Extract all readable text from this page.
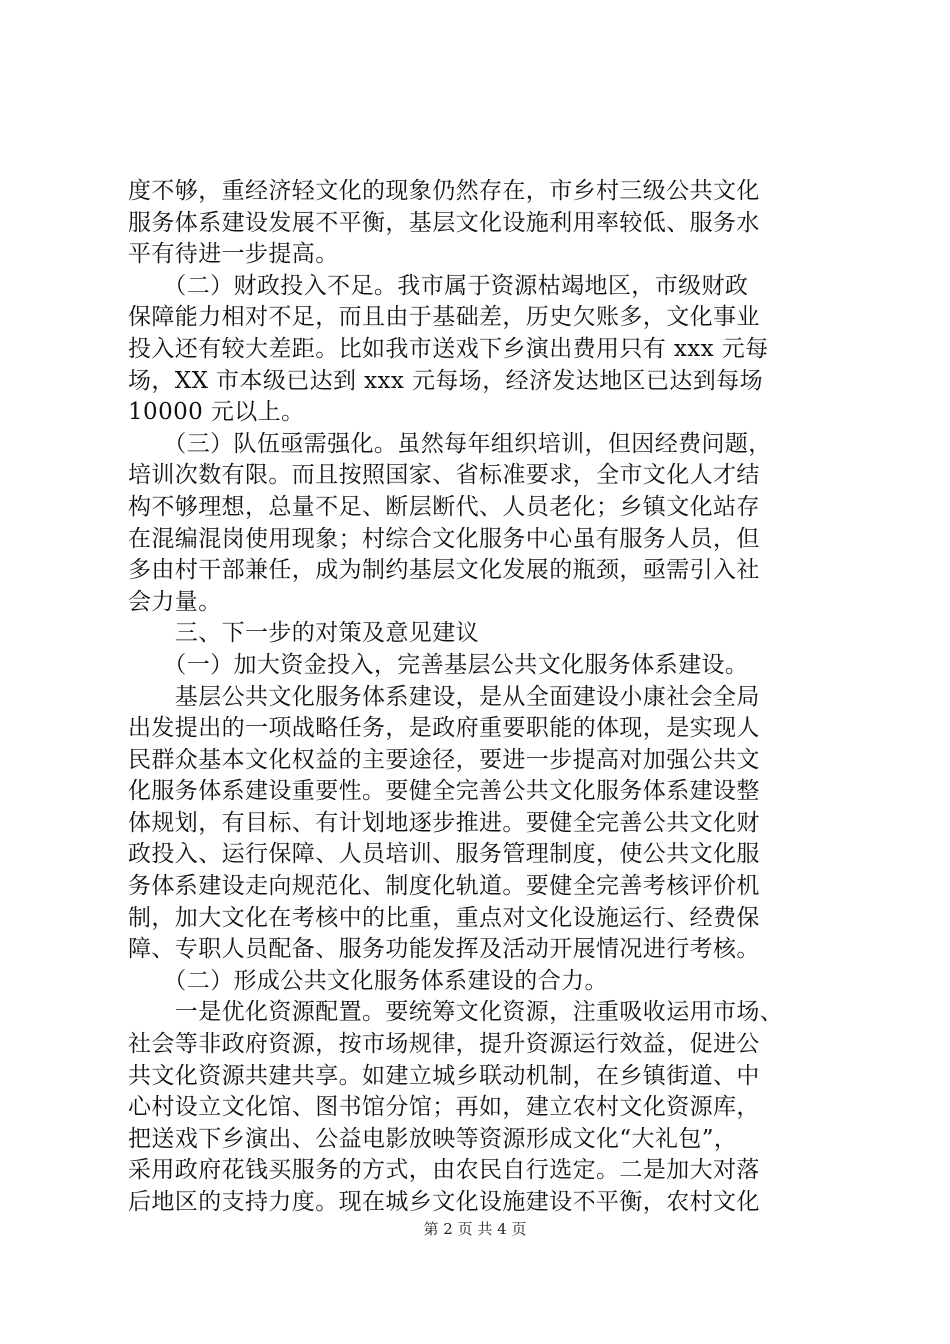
度不够，重经济轻文化的现象仍然存在，市乡村三级公共文化
服务体系建设发展不平衡，基层文化设施利用率较低、服务水
平有待进一步提高。
　　（二）财政投入不足。我市属于资源枯竭地区，市级财政
保障能力相对不足，而且由于基础差，历史欠账多，文化事业
投入还有较大差距。比如我市送戏下乡演出费用只有 xxx 元每
场，XX 市本级已达到 xxx 元每场，经济发达地区已达到每场
10000 元以上。
　　（三）队伍亟需强化。虽然每年组织培训，但因经费问题，
培训次数有限。而且按照国家、省标准要求，全市文化人才结
构不够理想，总量不足、断层断代、人员老化；乡镇文化站存
在混编混岗使用现象；村综合文化服务中心虽有服务人员，但
多由村干部兼任，成为制约基层文化发展的瓶颈，亟需引入社
会力量。
　　三、下一步的对策及意见建议
　　（一）加大资金投入，完善基层公共文化服务体系建设。
　　基层公共文化服务体系建设，是从全面建设小康社会全局
出发提出的一项战略任务，是政府重要职能的体现，是实现人
民群众基本文化权益的主要途径，要进一步提高对加强公共文
化服务体系建设重要性。要健全完善公共文化服务体系建设整
体规划，有目标、有计划地逐步推进。要健全完善公共文化财
政投入、运行保障、人员培训、服务管理制度，使公共文化服
务体系建设走向规范化、制度化轨道。要健全完善考核评价机
制，加大文化在考核中的比重，重点对文化设施运行、经费保
障、专职人员配备、服务功能发挥及活动开展情况进行考核。
　　（二）形成公共文化服务体系建设的合力。
　　一是优化资源配置。要统筹文化资源，注重吸收运用市场、
社会等非政府资源，按市场规律，提升资源运行效益，促进公
共文化资源共建共享。如建立城乡联动机制，在乡镇街道、中
心村设立文化馆、图书馆分馆；再如，建立农村文化资源库，
把送戏下乡演出、公益电影放映等资源形成文化“大礼包”，
采用政府花钱买服务的方式，由农民自行选定。二是加大对落
后地区的支持力度。现在城乡文化设施建设不平衡，农村文化
第 2 页 共 4 页
